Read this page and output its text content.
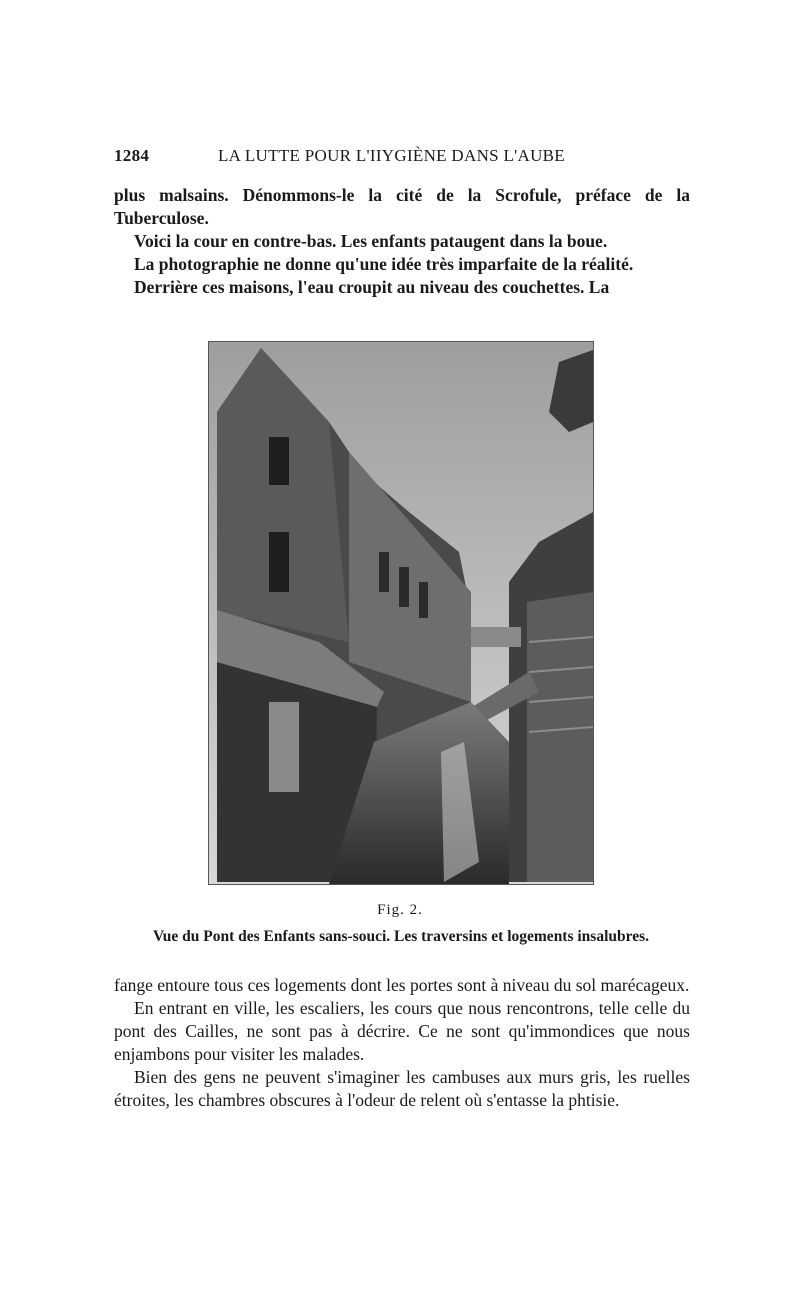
1284	LA LUTTE POUR L'IIYGIÈNE DANS L'AUBE

plus malsains. Dénommons-le la cité de la Scrofule, préface de la Tuberculose.

Voici la cour en contre-bas. Les enfants pataugent dans la boue.

La photographie ne donne qu'une idée très imparfaite de la réalité.

Derrière ces maisons, l'eau croupit au niveau des couchettes. La

Fig. 2.
Vue du Pont des Enfants sans-souci. Les traversins et logements insalubres.

fange entoure tous ces logements dont les portes sont à niveau du sol marécageux.

En entrant en ville, les escaliers, les cours que nous rencontrons, telle celle du pont des Cailles, ne sont pas à décrire. Ce ne sont qu'immondices que nous enjambons pour visiter les malades.

Bien des gens ne peuvent s'imaginer les cambuses aux murs gris, les ruelles étroites, les chambres obscures à l'odeur de relent où s'entasse la phtisie.
